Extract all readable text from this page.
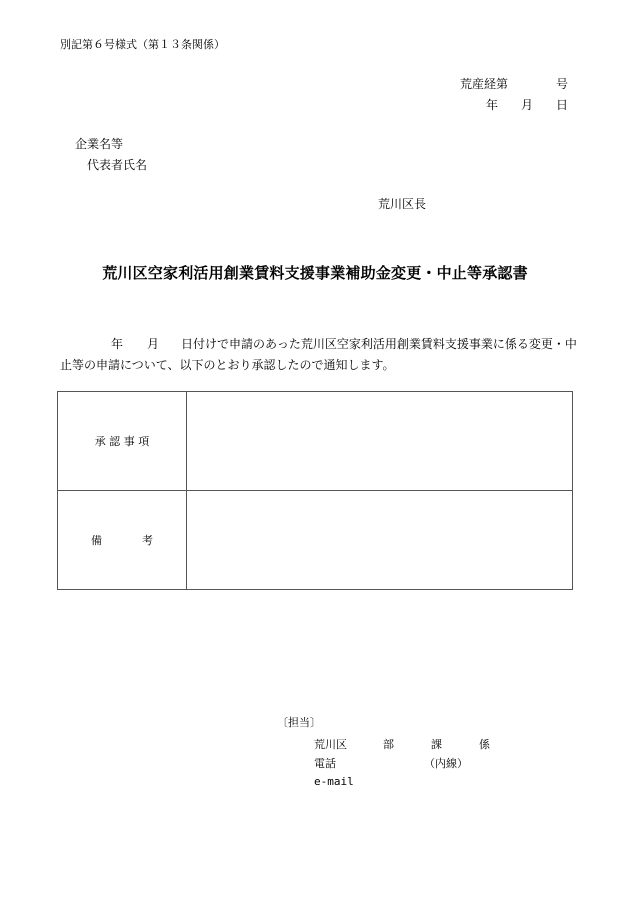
別記第６号様式（第１３条関係）
荒産経第	号
年 月 日
企業名等
代表者氏名
荒川区長
荒川区空家利活用創業賃料支援事業補助金変更・中止等承認書
年 月 日付けで申請のあった荒川区空家利活用創業賃料支援事業に係る変更・中
止等の申請について、以下のとおり承認したので通知します。
承 認 事 項	
備 考	
〔担当〕
荒川区	部	課	係
電話	（内線）
e-mail
